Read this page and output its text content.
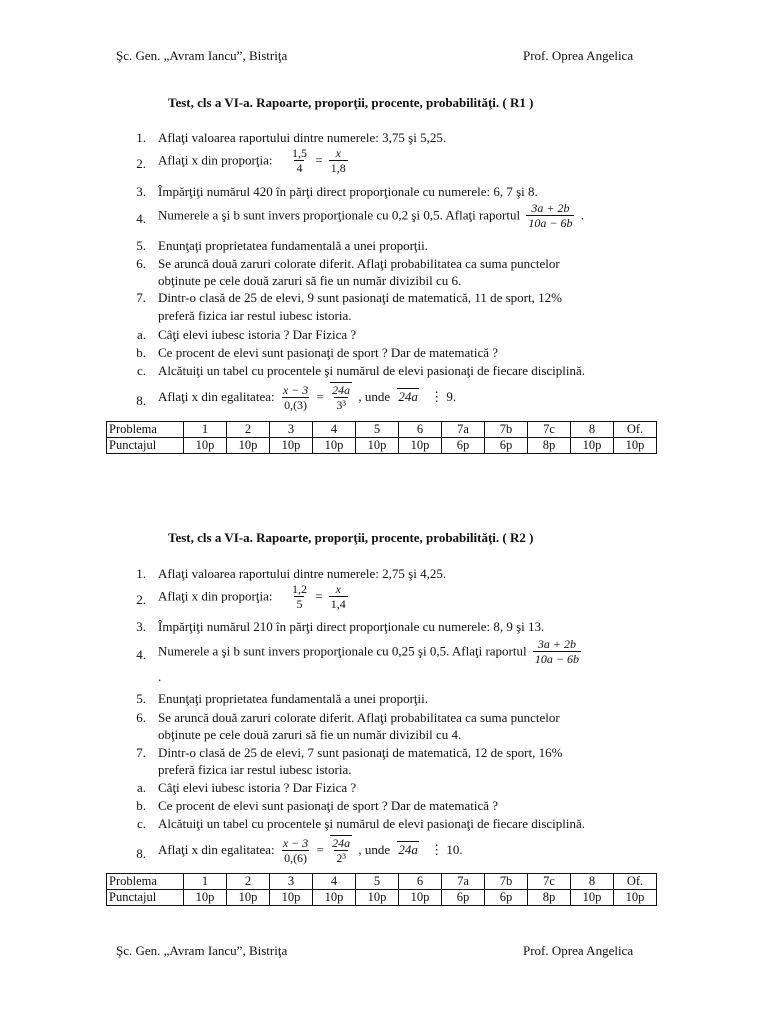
Şc. Gen. „Avram Iancu”, Bistriţa	Prof. Oprea Angelica
Test, cls a VI-a. Rapoarte, proporţii, procente, probabilităţi. ( R1 )
1. Aflaţi valoarea raportului dintre numerele: 3,75 şi 5,25.
2. Aflaţi x din proporţia: $\frac{1,5}{4} = \frac{x}{1,8}$
3. Împărţiţi numărul 420 în părţi direct proporţionale cu numerele: 6, 7 şi 8.
4. Numerele a şi b sunt invers proporţionale cu 0,2 şi 0,5. Aflaţi raportul $\frac{3a + 2b}{10a - 6b}$ .
5. Enunţaţi proprietatea fundamentală a unei proporţii.
6. Se aruncă două zaruri colorate diferit. Aflaţi probabilitatea ca suma punctelor
obţinute pe cele două zaruri să fie un număr divizibil cu 6.
7. Dintr-o clasă de 25 de elevi, 9 sunt pasionaţi de matematică, 11 de sport, 12%
preferă fizica iar restul iubesc istoria.
a. Câţi elevi iubesc istoria ? Dar Fizica ?
b. Ce procent de elevi sunt pasionaţi de sport ? Dar de matematică ?
c. Alcătuiţi un tabel cu procentele şi numărul de elevi pasionaţi de fiecare disciplină.
8. Aflaţi x din egalitatea: $\frac{x - 3}{0,(3)} = \frac{24a}{\text{3³}}$ , unde 24a ⋮ 9.
Problema	1	2	3	4	5	6	7a	7b	7c	8	Of.
Punctajul	10p	10p	10p	10p	10p	10p	6p	6p	8p	10p	10p
Test, cls a VI-a. Rapoarte, proporţii, procente, probabilităţi. ( R2 )
1. Aflaţi valoarea raportului dintre numerele: 2,75 şi 4,25.
2. Aflaţi x din proporţia: $\frac{1,2}{5} = \frac{x}{1,4}$
3. Împărţiţi numărul 210 în părţi direct proporţionale cu numerele: 8, 9 şi 13.
4. Numerele a şi b sunt invers proporţionale cu 0,25 şi 0,5. Aflaţi raportul $\frac{3a + 2b}{10a - 6b}$
.
5. Enunţaţi proprietatea fundamentală a unei proporţii.
6. Se aruncă două zaruri colorate diferit. Aflaţi probabilitatea ca suma punctelor
obţinute pe cele două zaruri să fie un număr divizibil cu 4.
7. Dintr-o clasă de 25 de elevi, 7 sunt pasionaţi de matematică, 12 de sport, 16%
preferă fizica iar restul iubesc istoria.
a. Câţi elevi iubesc istoria ? Dar Fizica ?
b. Ce procent de elevi sunt pasionaţi de sport ? Dar de matematică ?
c. Alcătuiţi un tabel cu procentele şi numărul de elevi pasionaţi de fiecare disciplină.
8. Aflaţi x din egalitatea: $\frac{x - 3}{0,(6)} = \frac{24a}{\text{2³}}$ , unde 24a ⋮ 10.
Problema	1	2	3	4	5	6	7a	7b	7c	8	Of.
Punctajul	10p	10p	10p	10p	10p	10p	6p	6p	8p	10p	10p
Şc. Gen. „Avram Iancu”, Bistriţa	Prof. Oprea Angelica
